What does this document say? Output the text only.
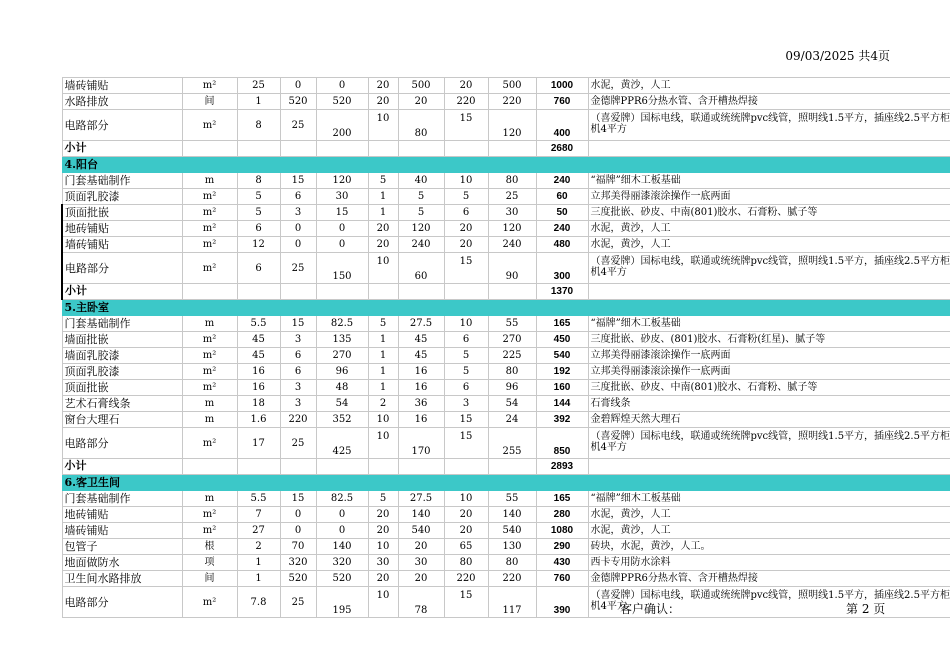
09/03/2025 共4页
墙砖铺贴	m²	25	0	0	20	500	20	500	1000	水泥，黄沙，人工
水路排放	间	1	520	520	20	20	220	220	760	金德牌PPR6分热水管、含开槽热焊接
电路部分	m²	8	25	200	10	80	15	120	400	（喜爱牌）国标电线，联通或统统牌pvc线管，照明线1.5平方，插座线2.5平方柜机4平方
小计									2680	
4.阳台										
门套基础制作	m	8	15	120	5	40	10	80	240	“福牌”细木工板基础
顶面乳胶漆	m²	5	6	30	1	5	5	25	60	立邦美得丽漆滚涂操作一底两面
顶面批嵌	m²	5	3	15	1	5	6	30	50	三度批嵌、砂皮、中南(801)胶水、石膏粉、腻子等
地砖铺贴	m²	6	0	0	20	120	20	120	240	水泥，黄沙，人工
墙砖铺贴	m²	12	0	0	20	240	20	240	480	水泥，黄沙，人工
电路部分	m²	6	25	150	10	60	15	90	300	（喜爱牌）国标电线，联通或统统牌pvc线管，照明线1.5平方，插座线2.5平方柜机4平方
小计									1370	
5.主卧室										
门套基础制作	m	5.5	15	82.5	5	27.5	10	55	165	“福牌”细木工板基础
墙面批嵌	m²	45	3	135	1	45	6	270	450	三度批嵌、砂皮、(801)胶水、石膏粉(红星)、腻子等
墙面乳胶漆	m²	45	6	270	1	45	5	225	540	立邦美得丽漆滚涂操作一底两面
顶面乳胶漆	m²	16	6	96	1	16	5	80	192	立邦美得丽漆滚涂操作一底两面
顶面批嵌	m²	16	3	48	1	16	6	96	160	三度批嵌、砂皮、中南(801)胶水、石膏粉、腻子等
艺术石膏线条	m	18	3	54	2	36	3	54	144	石膏线条
窗台大理石	m	1.6	220	352	10	16	15	24	392	金碧辉煌天然大理石
电路部分	m²	17	25	425	10	170	15	255	850	（喜爱牌）国标电线，联通或统统牌pvc线管，照明线1.5平方，插座线2.5平方柜机4平方
小计									2893	
6.客卫生间										
门套基础制作	m	5.5	15	82.5	5	27.5	10	55	165	“福牌”细木工板基础
地砖铺贴	m²	7	0	0	20	140	20	140	280	水泥，黄沙，人工
墙砖铺贴	m²	27	0	0	20	540	20	540	1080	水泥，黄沙，人工
包管子	根	2	70	140	10	20	65	130	290	砖块，水泥，黄沙，人工。
地面做防水	项	1	320	320	30	30	80	80	430	西卡专用防水涂料
卫生间水路排放	间	1	520	520	20	20	220	220	760	金德牌PPR6分热水管、含开槽热焊接
电路部分	m²	7.8	25	195	10	78	15	117	390	（喜爱牌）国标电线，联通或统统牌pvc线管，照明线1.5平方，插座线2.5平方柜机4平方
客户确认：	第 2 页
